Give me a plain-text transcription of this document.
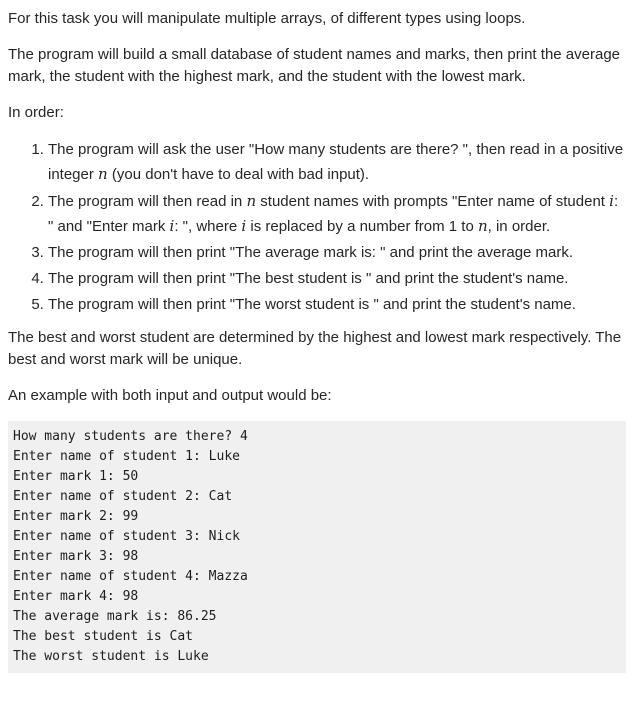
For this task you will manipulate multiple arrays, of different types using loops.

The program will build a small database of student names and marks, then print the average mark, the student with the highest mark, and the student with the lowest mark.

In order:

1. The program will ask the user "How many students are there? ", then read in a positive integer n (you don't have to deal with bad input).
2. The program will then read in n student names with prompts "Enter name of student i: " and "Enter mark i: ", where i is replaced by a number from 1 to n, in order.
3. The program will then print "The average mark is: " and print the average mark.
4. The program will then print "The best student is " and print the student's name.
5. The program will then print "The worst student is " and print the student's name.

The best and worst student are determined by the highest and lowest mark respectively. The best and worst mark will be unique.

An example with both input and output would be:

How many students are there? 4
Enter name of student 1: Luke
Enter mark 1: 50
Enter name of student 2: Cat
Enter mark 2: 99
Enter name of student 3: Nick
Enter mark 3: 98
Enter name of student 4: Mazza
Enter mark 4: 98
The average mark is: 86.25
The best student is Cat
The worst student is Luke
